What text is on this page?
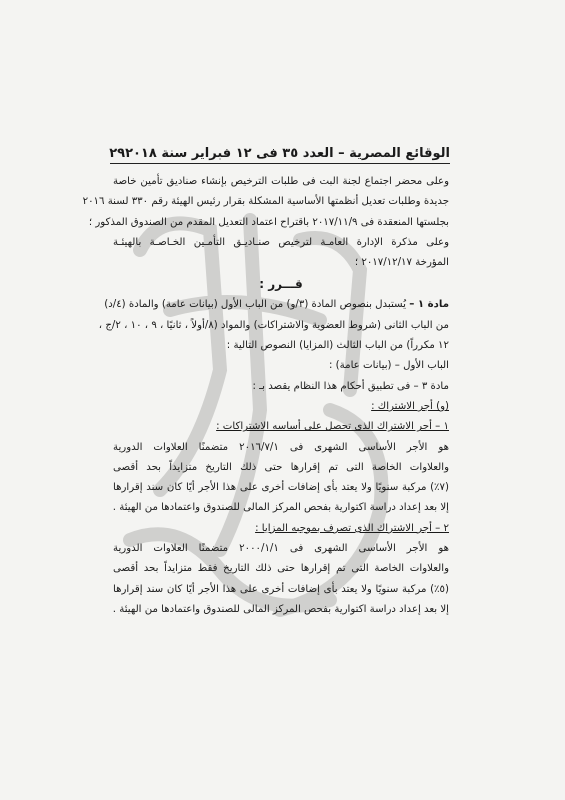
الوقائع المصرية – العدد ٣٥ فى ١٢ فبراير سنة ٢٠١٨
٢٩
وعلى محضر اجتماع لجنة البت فى طلبات الترخيص بإنشاء صناديق تأمين خاصة
جديدة وطلبات تعديل أنظمتها الأساسية المشكلة بقرار رئيس الهيئة رقم ٣٣٠ لسنة ٢٠١٦
بجلستها المنعقدة فى ٢٠١٧/١١/٩ باقتراح اعتماد التعديل المقدم من الصندوق المذكور ؛
وعلى مذكرة الإدارة العامـة لترخيص صنـاديـق التأمـين الخـاصـة بالهيئـة
المؤرخة ٢٠١٧/١٢/١٧ ؛
قـــرر :
مادة ١ – يُستبدل بنصوص المادة (٣/و) من الباب الأول (بيانات عامة) والمادة (٤/د)
من الباب الثانى (شروط العضوية والاشتراكات) والمواد (٨/أولاً ، ثانيًا ، ٩ ، ١٠ ، ٢/ج ،
١٢ مكرراً) من الباب الثالث (المزايا) النصوص التالية :
الباب الأول – (بيانات عامة) :
مادة ٣ – فى تطبيق أحكام هذا النظام يقصد بـ :
(و) أجر الاشتراك :
١ – أجر الاشتراك الذى تحصل على أساسه الاشتراكات :
هو الأجر الأساسى الشهرى فى ٢٠١٦/٧/١ متضمنًا العلاوات الدورية
والعلاوات الخاصة التى تم إقرارها حتى ذلك التاريخ متزايداً بحد أقصى
(٧٪) مركبة سنويًا ولا يعتد بأى إضافات أخرى على هذا الأجر أيًا كان سند إقرارها
إلا بعد إعداد دراسة اكتوارية بفحص المركز المالى للصندوق واعتمادها من الهيئة .
٢ – أجر الاشتراك الذى تصرف بموجبه المزايا :
هو الأجر الأساسى الشهرى فى ٢٠٠٠/١/١ متضمنًا العلاوات الدورية
والعلاوات الخاصة التى تم إقرارها حتى ذلك التاريخ فقط متزايداً بحد أقصى
(٥٪) مركبة سنويًا ولا يعتد بأى إضافات أخرى على هذا الأجر أيًا كان سند إقرارها
إلا بعد إعداد دراسة اكتوارية بفحص المركز المالى للصندوق واعتمادها من الهيئة .
